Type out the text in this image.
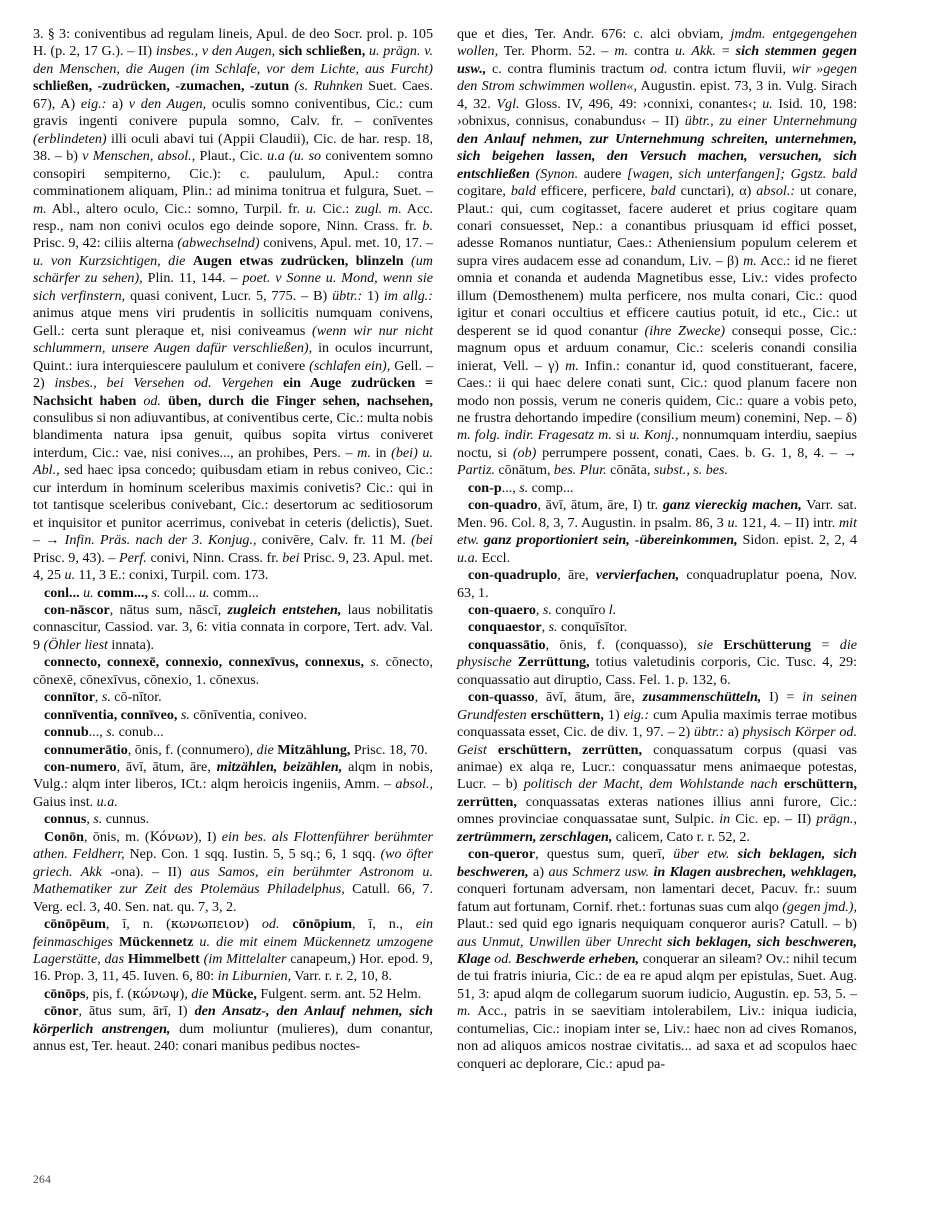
3. § 3: coniventibus ad regulam lineis, Apul. de deo Socr. prol. p. 105 H. (p. 2, 17 G.). – II) insbes., v den Augen, sich schließen, u. prägn. v. den Menschen, die Augen (im Schlafe, vor dem Lichte, aus Furcht) schließen, -zudrücken, -zumachen, -zutun (s. Ruhnken Suet. Caes. 67), A) eig.: a) v den Augen, oculis somno coniventibus, Cic.: cum gravis ingenti conivere pupula somno, Calv. fr. – conīventes (erblindeten) illi oculi abavi tui (Appii Claudii), Cic. de har. resp. 18, 38. – b) v Menschen, absol., Plaut., Cic. u.a (u. so coniventem somno consopiri sempiterno, Cic.): c. paululum, Apul.: contra comminationem aliquam, Plin.: ad minima tonitrua et fulgura, Suet. – m. Abl., altero oculo, Cic.: somno, Turpil. fr. u. Cic.: zugl. m. Acc. resp., nam non conivi oculos ego deinde sopore, Ninn. Crass. fr. b. Prisc. 9, 42: ciliis alterna (abwechselnd) conivens, Apul. met. 10, 17. – u. von Kurzsichtigen, die Augen etwas zudrücken, blinzeln (um schärfer zu sehen), Plin. 11, 144. – poet. v Sonne u. Mond, wenn sie sich verfinstern, quasi conivent, Lucr. 5, 775. – B) übtr.: 1) im allg.: animus atque mens viri prudentis in sollicitis numquam conivens, Gell.: certa sunt pleraque et, nisi coniveamus (wenn wir nur nicht schlummern, unsere Augen dafür verschließen), in oculos incurrunt, Quint.: iura interquiescere paululum et conivere (schlafen ein), Gell. – 2) insbes., bei Versehen od. Vergehen ein Auge zudrücken = Nachsicht haben od. üben, durch die Finger sehen, nachsehen, consulibus si non adiuvantibus, at coniventibus certe, Cic.: multa nobis blandimenta natura ipsa genuit, quibus sopita virtus coniveret interdum, Cic.: vae, nisi conives..., an prohibes, Pers. – m. in (bei) u. Abl., sed haec ipsa concedo; quibusdam etiam in rebus coniveo, Cic.: cur interdum in hominum sceleribus maximis conivetis? Cic.: qui in tot tantisque sceleribus conivebant, Cic.: desertorum ac seditiosorum et inquisitor et punitor acerrimus, conivebat in ceteris (delictis), Suet. – → Infin. Präs. nach der 3. Konjug., conivēre, Calv. fr. 11 M. (bei Prisc. 9, 43). – Perf. conivi, Ninn. Crass. fr. bei Prisc. 9, 23. Apul. met. 4, 25 u. 11, 3 E.: conixi, Turpil. com. 173.
conl... u. comm..., s. coll... u. comm...
con-nāscor, nātus sum, nāscī, zugleich entstehen, laus nobilitatis connascitur, Cassiod. var. 3, 6: vitia connata in corpore, Tert. adv. Val. 9 (Öhler liest innata).
connecto, connexē, connexio, connexīvus, connexus, s. cōnecto, cōnexē, cōnexīvus, cōnexio, 1. cōnexus.
connītor, s. cō-nītor.
connīventia, connīveo, s. cōnīventia, coniveo.
connub..., s. conub...
connumerātio, ōnis, f. (connumero), die Mitzählung, Prisc. 18, 70.
con-numero, āvī, ātum, āre, mitzählen, beizählen, alqm in nobis, Vulg.: alqm inter liberos, ICt.: alqm heroicis ingeniis, Amm. – absol., Gaius inst. u.a.
connus, s. cunnus.
Conōn, ōnis, m. (Κόνων), I) ein bes. als Flottenführer berühmter athen. Feldherr, Nep. Con. 1 sqq. Iustin. 5, 5 sq.; 6, 1 sqq. (wo öfter griech. Akk -ona). – II) aus Samos, ein berühmter Astronom u. Mathematiker zur Zeit des Ptolemäus Philadelphus, Catull. 66, 7. Verg. ecl. 3, 40. Sen. nat. qu. 7, 3, 2.
cōnōpēum, ī, n. (κωνωπειον) od. cōnōpium, ī, n., ein feinmaschiges Mückennetz u. die mit einem Mückennetz umzogene Lagerstätte, das Himmelbett (im Mittelalter canapeum,) Hor. epod. 9, 16. Prop. 3, 11, 45. Iuven. 6, 80: in Liburnien, Varr. r. r. 2, 10, 8.
cōnōps, pis, f. (κώνωψ), die Mücke, Fulgent. serm. ant. 52 Helm.
cōnor, ātus sum, ārī, I) den Ansatz-, den Anlauf nehmen, sich körperlich anstrengen, dum moliuntur (mulieres), dum conantur, annus est, Ter. heaut. 240: conari manibus pedibus noctes-
que et dies, Ter. Andr. 676: c. alci obviam, jmdm. entgegengehen wollen, Ter. Phorm. 52. – m. contra u. Akk. = sich stemmen gegen usw., c. contra fluminis tractum od. contra ictum fluvii, wir »gegen den Strom schwimmen wollen«, Augustin. epist. 73, 3 in. Vulg. Sirach 4, 32. Vgl. Gloss. IV, 496, 49: ›connixi, conantes‹; u. Isid. 10, 198: ›obnixus, connisus, conabundus‹ – II) übtr., zu einer Unternehmung den Anlauf nehmen, zur Unternehmung schreiten, unternehmen, sich beigehen lassen, den Versuch machen, versuchen, sich entschließen (Synon. audere [wagen, sich unterfangen]; Ggstz. bald cogitare, bald efficere, perficere, bald cunctari), α) absol.: ut conare, Plaut.: qui, cum cogitasset, facere auderet et prius cogitare quam conari consuesset, Nep.: a conantibus priusquam id effici posset, adesse Romanos nuntiatur, Caes.: Atheniensium populum celerem et supra vires audacem esse ad conandum, Liv. – β) m. Acc.: id ne fieret omnia et conanda et audenda Magnetibus esse, Liv.: vides profecto illum (Demosthenem) multa perficere, nos multa conari, Cic.: quod igitur et conari occultius et efficere cautius potuit, id etc., Cic.: ut desperent se id quod conantur (ihre Zwecke) consequi posse, Cic.: magnum opus et arduum conamur, Cic.: sceleris conandi consilia inierat, Vell. – γ) m. Infin.: conantur id, quod constituerant, facere, Caes.: ii qui haec delere conati sunt, Cic.: quod planum facere non modo non possis, verum ne coneris quidem, Cic.: quare a vobis peto, ne frustra dehortando impedire (consilium meum) conemini, Nep. – δ) m. folg. indir. Fragesatz m. si u. Konj., nonnumquam interdiu, saepius noctu, si (ob) perrumpere possent, conati, Caes. b. G. 1, 8, 4. – → Partiz. cōnātum, bes. Plur. cōnāta, subst., s. bes.
con-p..., s. comp...
con-quadro, āvī, ātum, āre, I) tr. ganz viereckig machen, Varr. sat. Men. 96. Col. 8, 3, 7. Augustin. in psalm. 86, 3 u. 121, 4. – II) intr. mit etw. ganz proportioniert sein, -übereinkommen, Sidon. epist. 2, 2, 4 u.a. Eccl.
con-quadruplo, āre, vervierfachen, conquadruplatur poena, Nov. 63, 1.
con-quaero, s. conquīro l.
conquaestor, s. conquīsītor.
conquassātio, ōnis, f. (conquasso), sie Erschütterung = die physische Zerrüttung, totius valetudinis corporis, Cic. Tusc. 4, 29: conquassatio aut diruptio, Cass. Fel. 1. p. 132, 6.
con-quasso, āvī, ātum, āre, zusammenschütteln, I) = in seinen Grundfesten erschüttern, 1) eig.: cum Apulia maximis terrae motibus conquassata esset, Cic. de div. 1, 97. – 2) übtr.: a) physisch Körper od. Geist erschüttern, zerrütten, conquassatum corpus (quasi vas animae) ex alqa re, Lucr.: conquassatur mens animaeque potestas, Lucr. – b) politisch der Macht, dem Wohlstande nach erschüttern, zerrütten, conquassatas exteras nationes illius anni furore, Cic.: omnes provinciae conquassatae sunt, Sulpic. in Cic. ep. – II) prägn., zertrümmern, zerschlagen, calicem, Cato r. r. 52, 2.
con-queror, questus sum, querī, über etw. sich beklagen, sich beschweren, a) aus Schmerz usw. in Klagen ausbrechen, wehklagen, conqueri fortunam adversam, non lamentari decet, Pacuv. fr.: suum fatum aut fortunam, Cornif. rhet.: fortunas suas cum alqo (gegen jmd.), Plaut.: sed quid ego ignaris nequiquam conqueror auris? Catull. – b) aus Unmut, Unwillen über Unrecht sich beklagen, sich beschweren, Klage od. Beschwerde erheben, conquerar an sileam? Ov.: nihil tecum de tui fratris iniuria, Cic.: de ea re apud alqm per epistulas, Suet. Aug. 51, 3: apud alqm de collegarum suorum iudicio, Augustin. ep. 53, 5. – m. Acc., patris in se saevitiam intolerabilem, Liv.: iniqua iudicia, contumelias, Cic.: inopiam inter se, Liv.: haec non ad cives Romanos, non ad aliquos amicos nostrae civitatis... ad saxa et ad scopulos haec conqueri ac deplorare, Cic.: apud pa-
264
